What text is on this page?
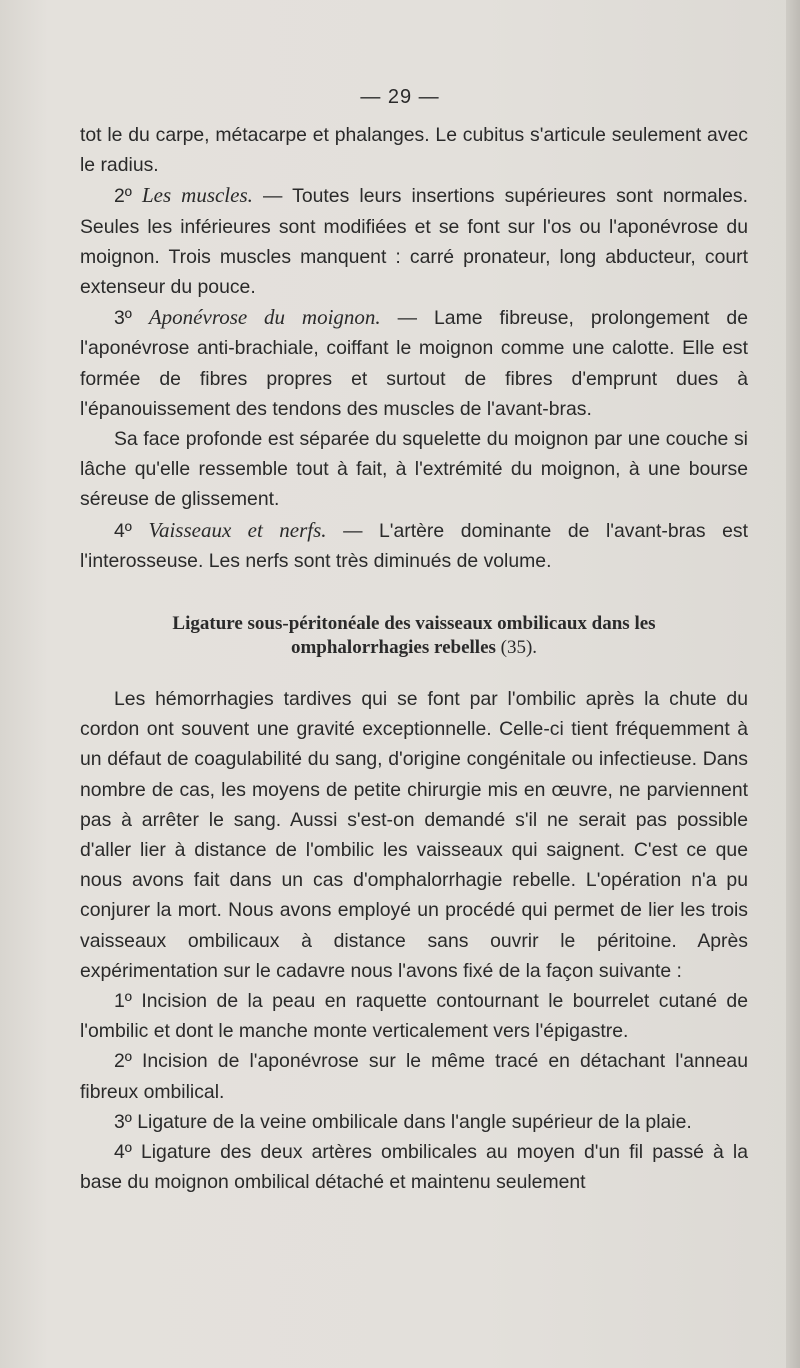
— 29 —

tot le du carpe, métacarpe et phalanges. Le cubitus s'articule seulement avec le radius.

2º Les muscles. — Toutes leurs insertions supérieures sont normales. Seules les inférieures sont modifiées et se font sur l'os ou l'aponévrose du moignon. Trois muscles manquent : carré pronateur, long abducteur, court extenseur du pouce.

3º Aponévrose du moignon. — Lame fibreuse, prolongement de l'aponévrose anti-brachiale, coiffant le moignon comme une calotte. Elle est formée de fibres propres et surtout de fibres d'emprunt dues à l'épanouissement des tendons des muscles de l'avant-bras.

Sa face profonde est séparée du squelette du moignon par une couche si lâche qu'elle ressemble tout à fait, à l'extrémité du moignon, à une bourse séreuse de glissement.

4º Vaisseaux et nerfs. — L'artère dominante de l'avant-bras est l'interosseuse. Les nerfs sont très diminués de volume.

Ligature sous-péritonéale des vaisseaux ombilicaux dans les
omphalorrhagies rebelles (35).

Les hémorrhagies tardives qui se font par l'ombilic après la chute du cordon ont souvent une gravité exceptionnelle. Celle-ci tient fréquemment à un défaut de coagulabilité du sang, d'origine congénitale ou infectieuse. Dans nombre de cas, les moyens de petite chirurgie mis en œuvre, ne parviennent pas à arrêter le sang. Aussi s'est-on demandé s'il ne serait pas possible d'aller lier à distance de l'ombilic les vaisseaux qui saignent. C'est ce que nous avons fait dans un cas d'omphalorrhagie rebelle. L'opération n'a pu conjurer la mort. Nous avons employé un procédé qui permet de lier les trois vaisseaux ombilicaux à distance sans ouvrir le péritoine. Après expérimentation sur le cadavre nous l'avons fixé de la façon suivante :

1º Incision de la peau en raquette contournant le bourrelet cutané de l'ombilic et dont le manche monte verticalement vers l'épigastre.

2º Incision de l'aponévrose sur le même tracé en détachant l'anneau fibreux ombilical.

3º Ligature de la veine ombilicale dans l'angle supérieur de la plaie.

4º Ligature des deux artères ombilicales au moyen d'un fil passé à la base du moignon ombilical détaché et maintenu seulement
